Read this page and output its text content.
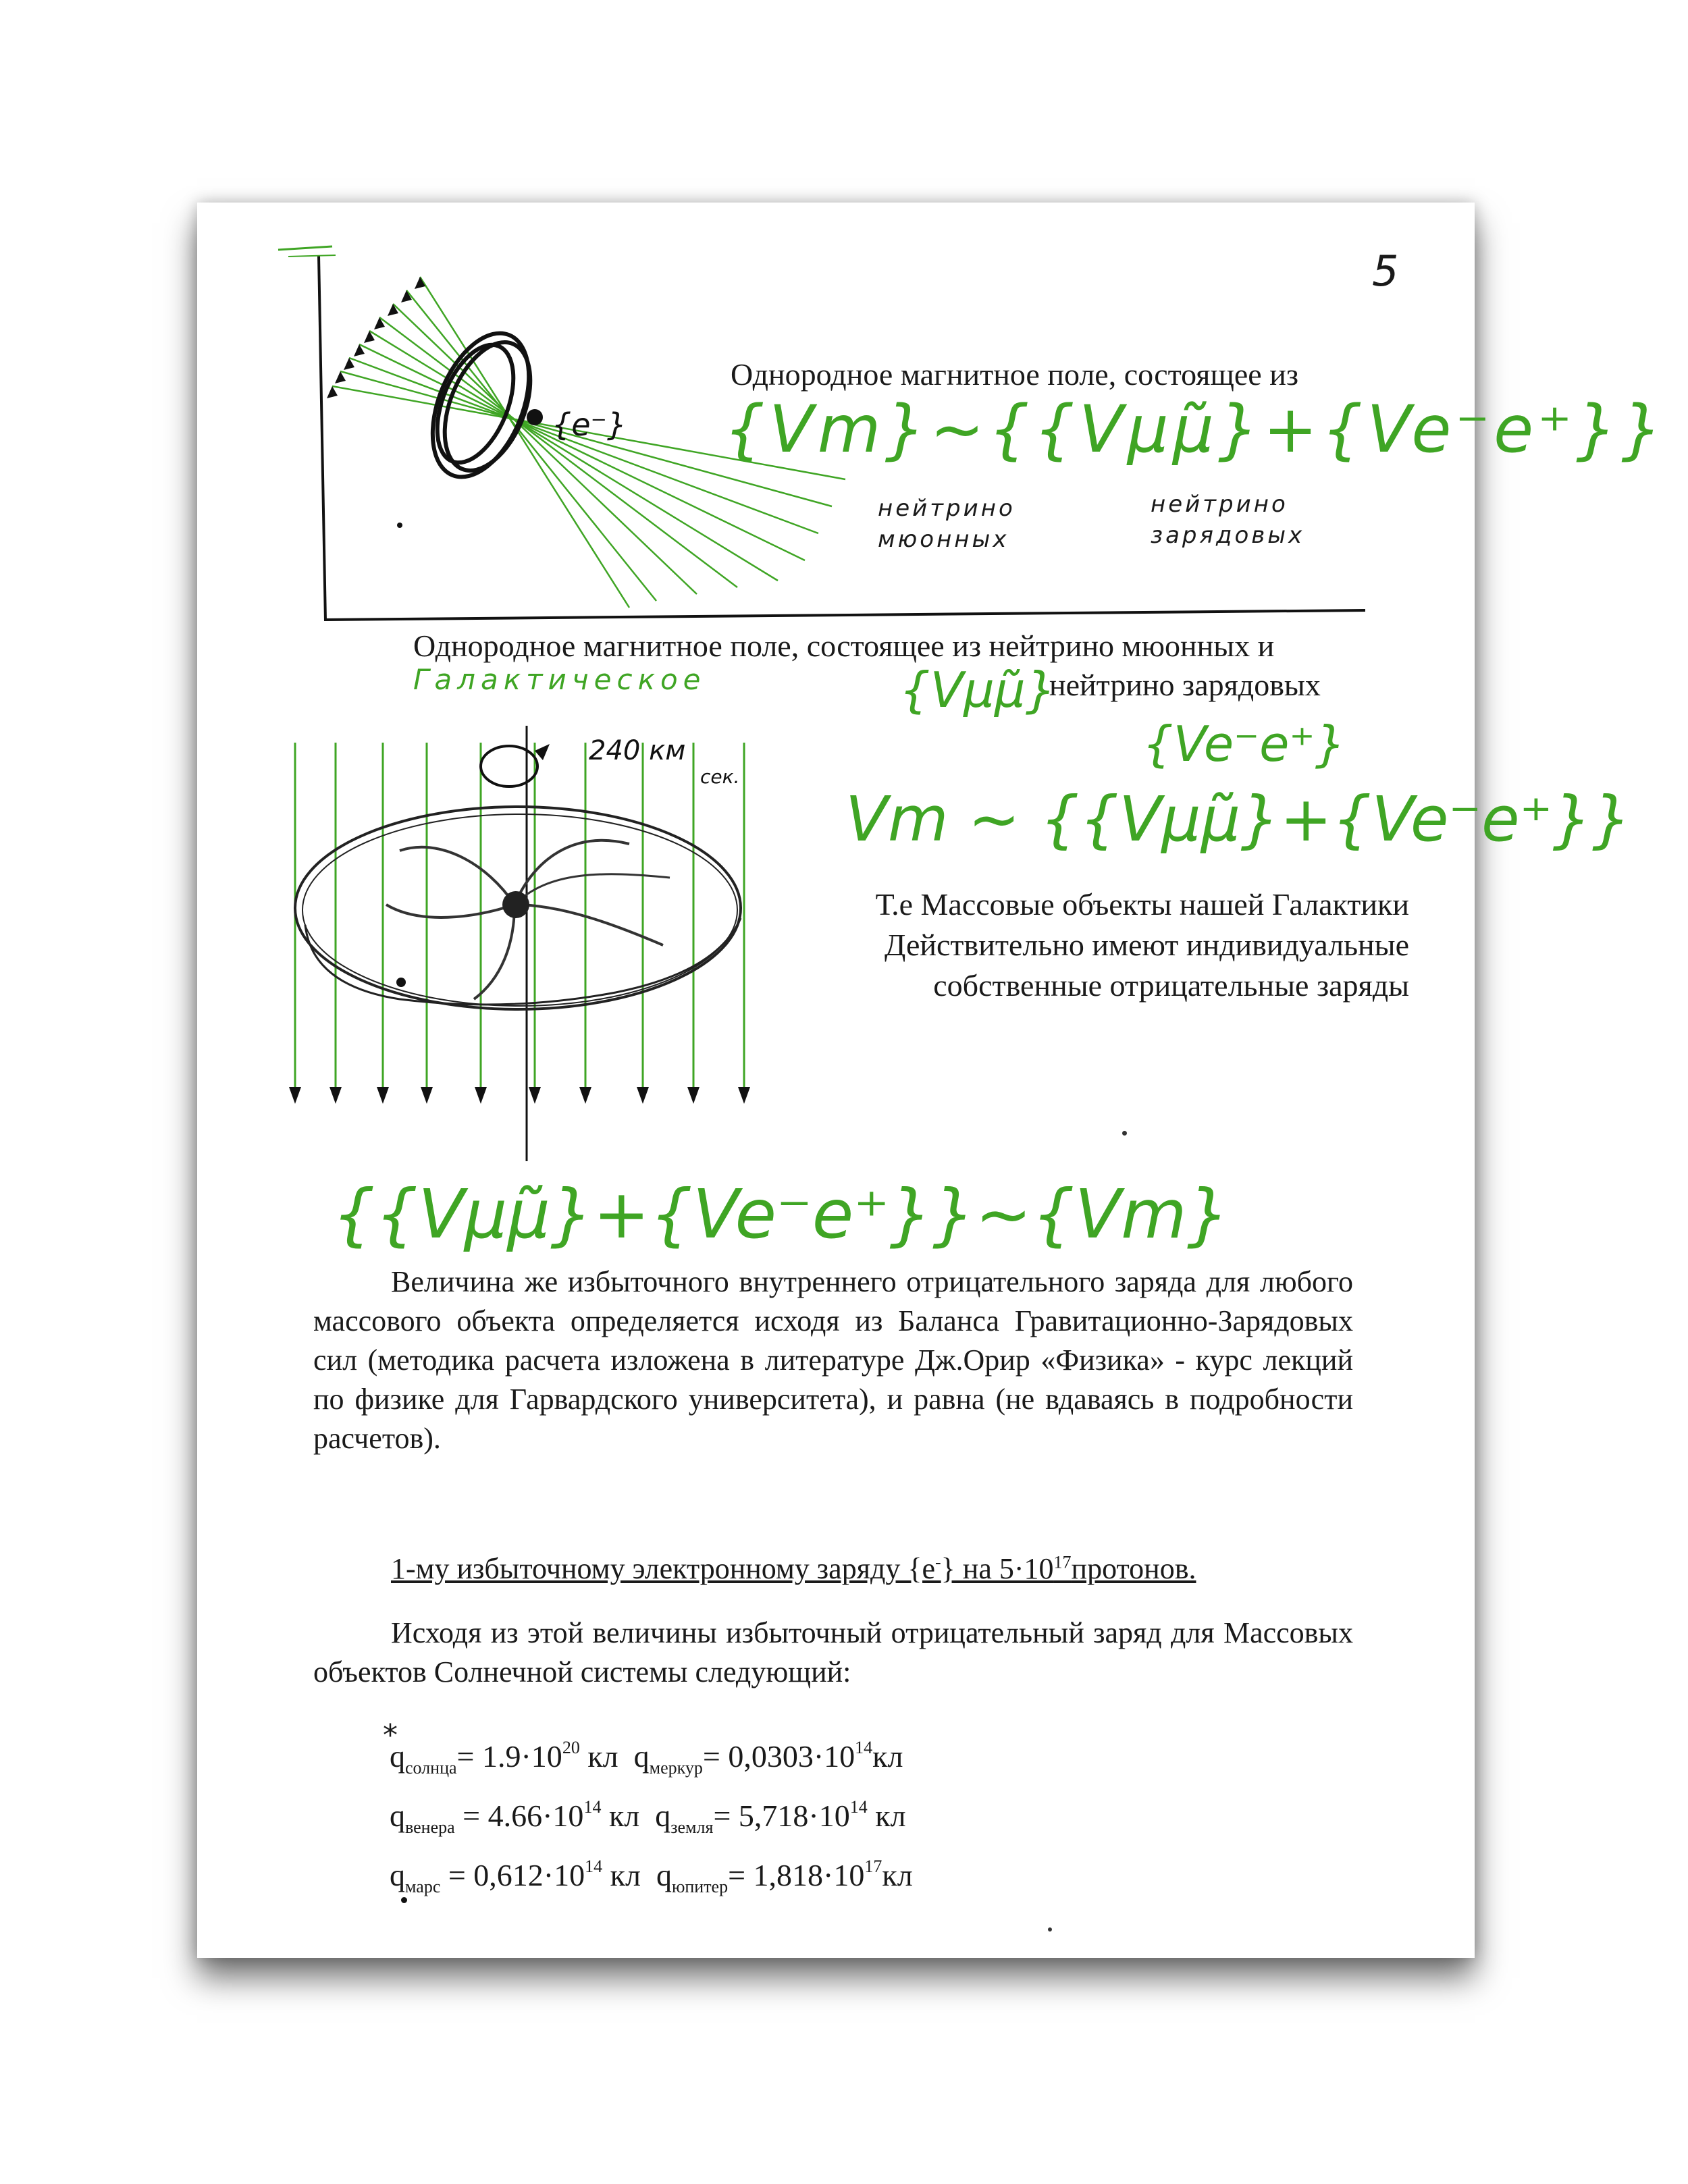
5
{e⁻}
Однородное магнитное поле, состоящее из
{Vm}~{{Vμμ̃}+{Ve⁻e⁺}}
нейтрино
мюонных
нейтрино
зарядовых
Однородное магнитное поле, состоящее из нейтрино мюонных и
Галактическое	{Vμμ̃}
нейтрино зарядовых
{Ve⁻e⁺}
Vm ~ {{Vμμ̃}+{Ve⁻e⁺}}
240 км
сек.
Т.е Массовые объекты нашей Галактики
Действительно имеют индивидуальные
собственные отрицательные заряды
{{Vμμ̃}+{Ve⁻e⁺}}~{Vm}
Величина же избыточного внутреннего отрицательного заряда для любого массового объекта определяется исходя из Баланса Гравитационно-Зарядовых сил (методика расчета изложена в литературе Дж.Орир «Физика» - курс лекций по физике для Гарвардского университета), и равна (не вдаваясь в подробности расчетов).
1-му избыточному электронному заряду {e-} на $5\cdot 10^{17}протонов$.
Исходя из этой величины избыточный отрицательный заряд для Массовых объектов Солнечной системы следующий:
*
$q_{солнца}= 1.9\cdot 10^{20}$ кл $q_{меркур}= 0,0303\cdot 10^{14}кл$
$q_{венера} = 4.66\cdot 10^{14}$ кл $q_{земля}= 5,718\cdot 10^{14}$ кл
$q_{марс} = 0,612\cdot 10^{14}$ кл $q_{юпитер}= 1,818\cdot 10^{17}кл$
